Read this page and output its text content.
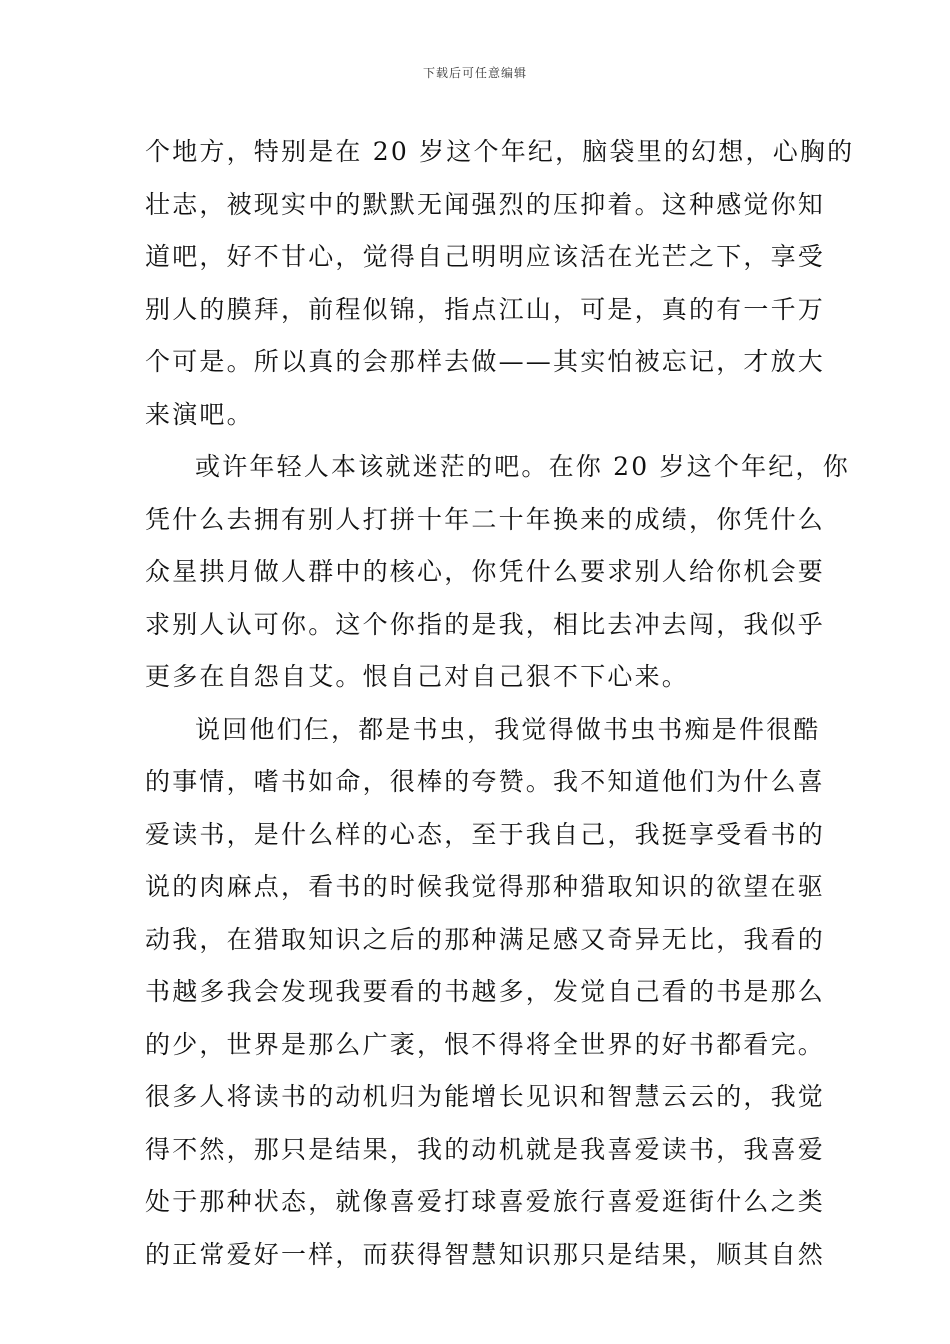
下载后可任意编辑
个地方，特别是在 20 岁这个年纪，脑袋里的幻想，心胸的
壮志，被现实中的默默无闻强烈的压抑着。这种感觉你知
道吧，好不甘心，觉得自己明明应该活在光芒之下，享受
别人的膜拜，前程似锦，指点江山，可是，真的有一千万
个可是。所以真的会那样去做——其实怕被忘记，才放大
来演吧。
或许年轻人本该就迷茫的吧。在你 20 岁这个年纪，你
凭什么去拥有别人打拼十年二十年换来的成绩，你凭什么
众星拱月做人群中的核心，你凭什么要求别人给你机会要
求别人认可你。这个你指的是我，相比去冲去闯，我似乎
更多在自怨自艾。恨自己对自己狠不下心来。
说回他们仨，都是书虫，我觉得做书虫书痴是件很酷
的事情，嗜书如命，很棒的夸赞。我不知道他们为什么喜
爱读书，是什么样的心态，至于我自己，我挺享受看书的
说的肉麻点，看书的时候我觉得那种猎取知识的欲望在驱
动我，在猎取知识之后的那种满足感又奇异无比，我看的
书越多我会发现我要看的书越多，发觉自己看的书是那么
的少，世界是那么广袤，恨不得将全世界的好书都看完。
很多人将读书的动机归为能增长见识和智慧云云的，我觉
得不然，那只是结果，我的动机就是我喜爱读书，我喜爱
处于那种状态，就像喜爱打球喜爱旅行喜爱逛街什么之类
的正常爱好一样，而获得智慧知识那只是结果，顺其自然
